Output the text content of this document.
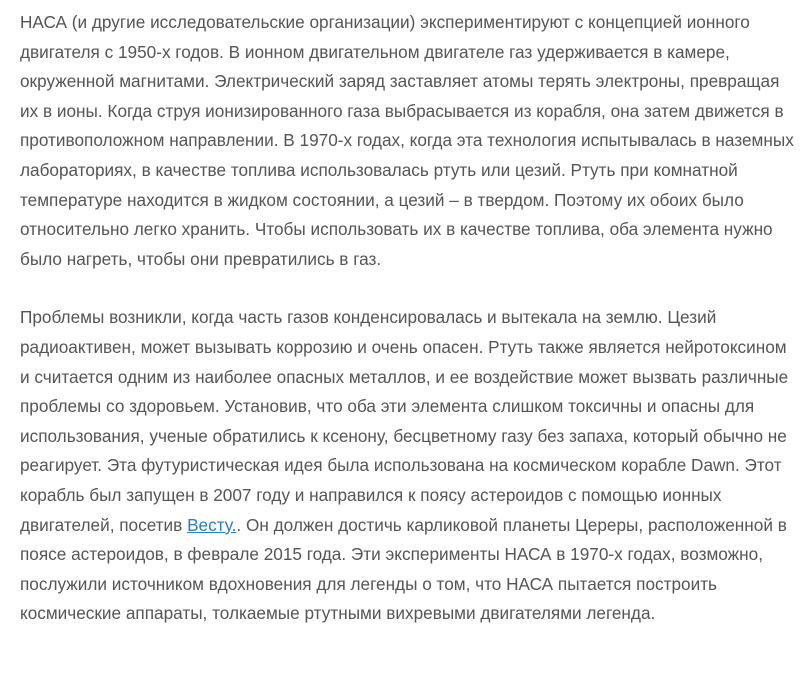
НАСА (и другие исследовательские организации) экспериментируют с концепцией ионного двигателя с 1950-х годов. В ионном двигательном двигателе газ удерживается в камере, окруженной магнитами. Электрический заряд заставляет атомы терять электроны, превращая их в ионы. Когда струя ионизированного газа выбрасывается из корабля, она затем движется в противоположном направлении. В 1970-х годах, когда эта технология испытывалась в наземных лабораториях, в качестве топлива использовалась ртуть или цезий. Ртуть при комнатной температуре находится в жидком состоянии, а цезий – в твердом. Поэтому их обоих было относительно легко хранить. Чтобы использовать их в качестве топлива, оба элемента нужно было нагреть, чтобы они превратились в газ.

Проблемы возникли, когда часть газов конденсировалась и вытекала на землю. Цезий радиоактивен, может вызывать коррозию и очень опасен. Ртуть также является нейротоксином и считается одним из наиболее опасных металлов, и ее воздействие может вызвать различные проблемы со здоровьем. Установив, что оба эти элемента слишком токсичны и опасны для использования, ученые обратились к ксенону, бесцветному газу без запаха, который обычно не реагирует. Эта футуристическая идея была использована на космическом корабле Dawn. Этот корабль был запущен в 2007 году и направился к поясу астероидов с помощью ионных двигателей, посетив Весту.. Он должен достичь карликовой планеты Цереры, расположенной в поясе астероидов, в феврале 2015 года. Эти эксперименты НАСА в 1970-х годах, возможно, послужили источником вдохновения для легенды о том, что НАСА пытается построить космические аппараты, толкаемые ртутными вихревыми двигателями легенда.
